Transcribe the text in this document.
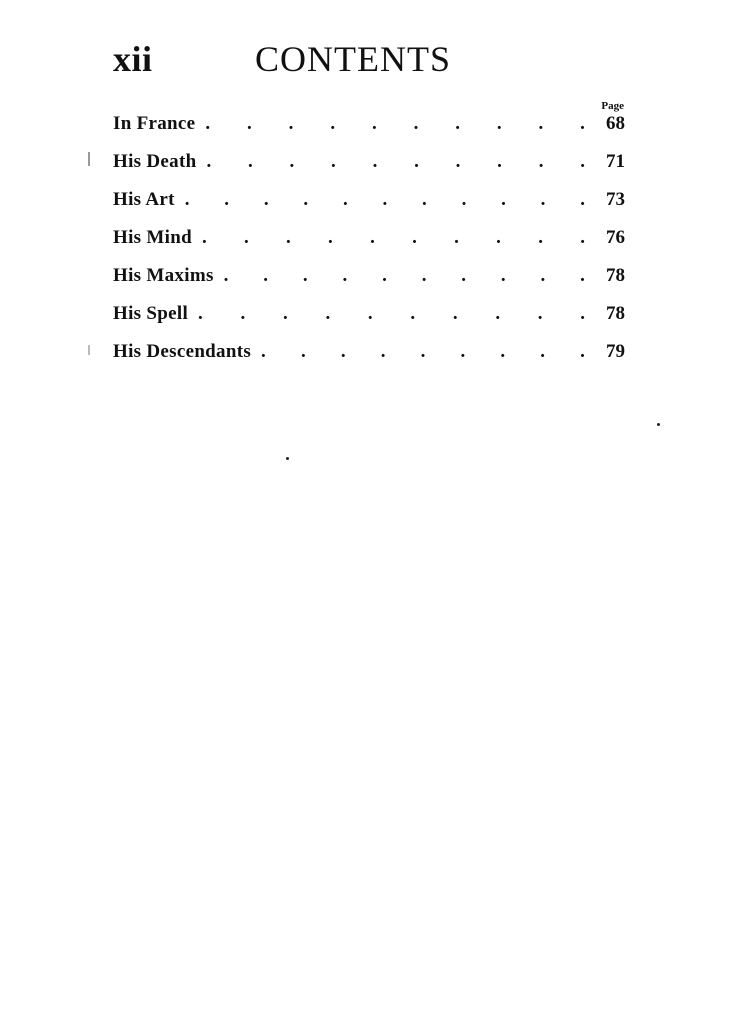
xii	CONTENTS
Page
In France . . . . . . . . . .	68
His Death . . . . . . . . . .	71
His Art . . . . . . . . . . .	73
His Mind . . . . . . . . . .	76
His Maxims . . . . . . . . . .	78
His Spell . . . . . . . . . .	78
His Descendants . . . . . . . . .	79
